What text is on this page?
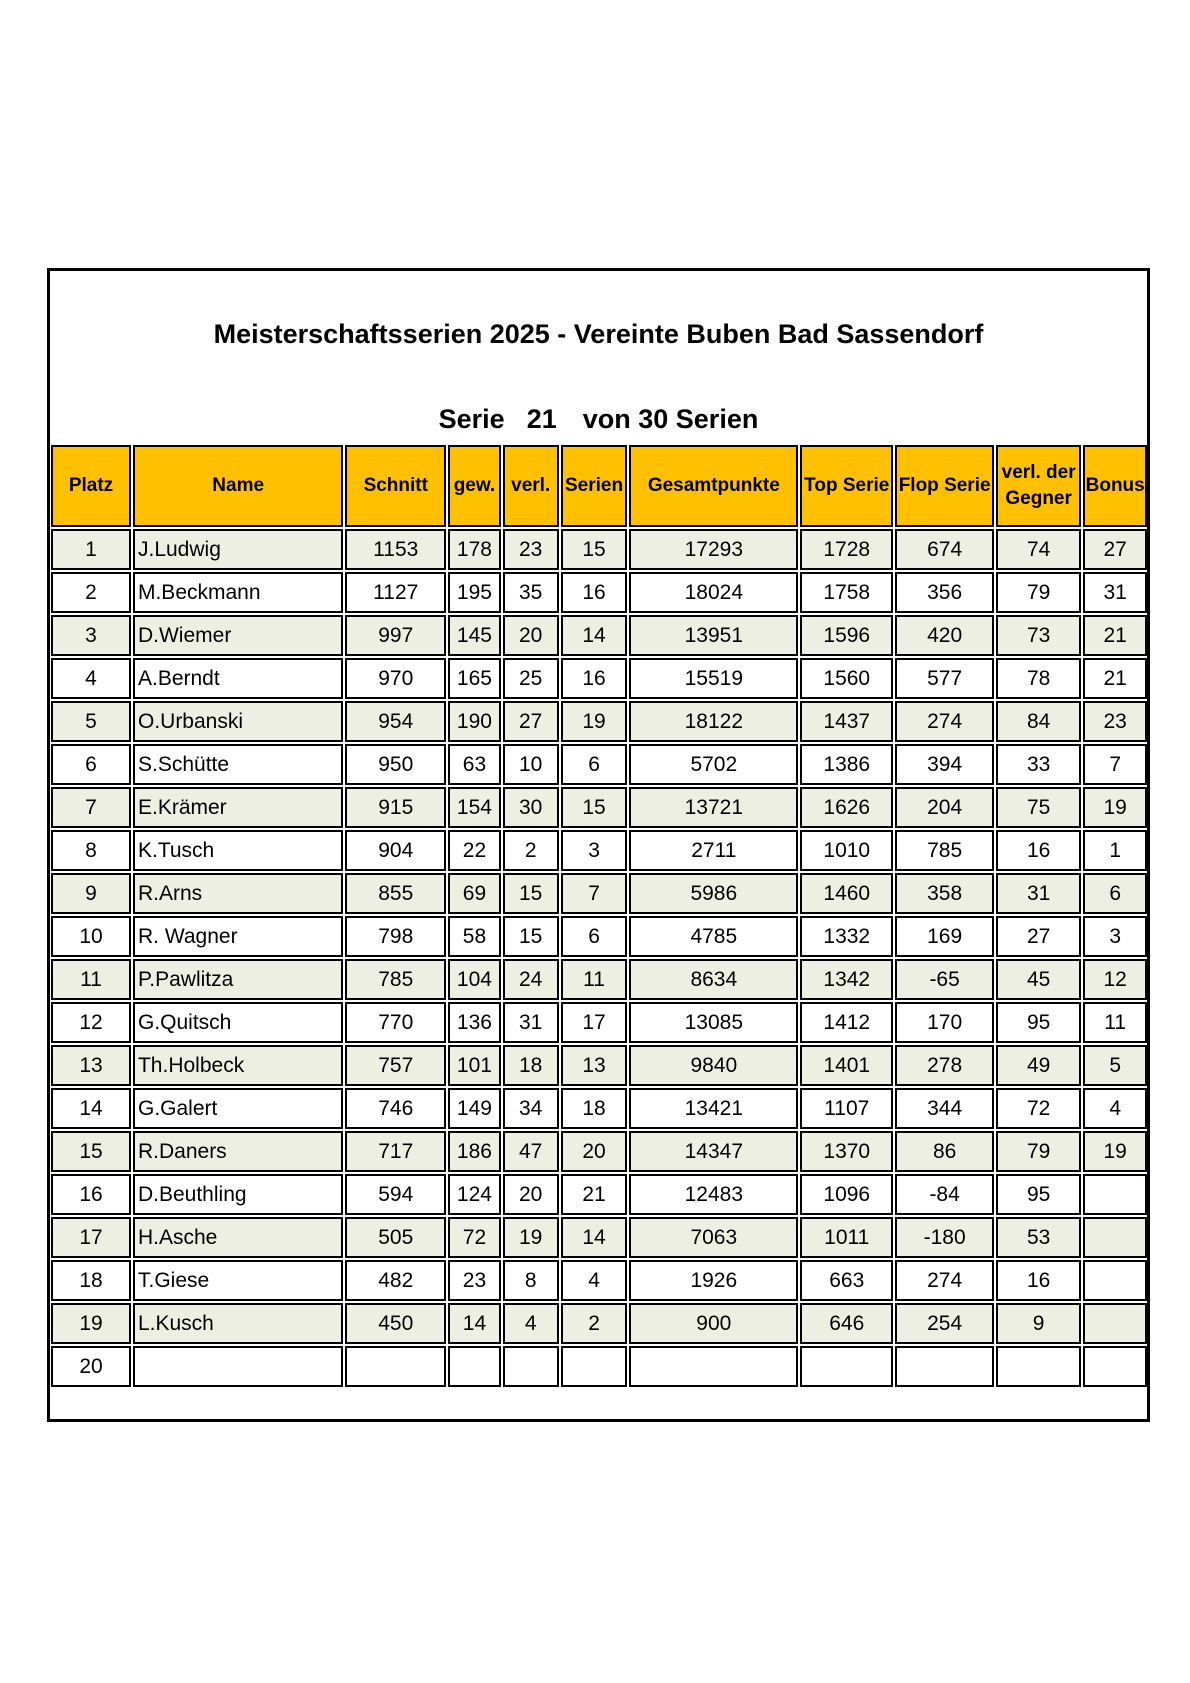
Meisterschaftsserien 2025 - Vereinte Buben Bad Sassendorf
Serie 21 von 30 Serien
Platz	Name	Schnitt	gew.	verl.	Serien	Gesamtpunkte	Top Serie	Flop Serie	verl. der Gegner	Bonus
1	J.Ludwig	1153	178	23	15	17293	1728	674	74	27
2	M.Beckmann	1127	195	35	16	18024	1758	356	79	31
3	D.Wiemer	997	145	20	14	13951	1596	420	73	21
4	A.Berndt	970	165	25	16	15519	1560	577	78	21
5	O.Urbanski	954	190	27	19	18122	1437	274	84	23
6	S.Schütte	950	63	10	6	5702	1386	394	33	7
7	E.Krämer	915	154	30	15	13721	1626	204	75	19
8	K.Tusch	904	22	2	3	2711	1010	785	16	1
9	R.Arns	855	69	15	7	5986	1460	358	31	6
10	R. Wagner	798	58	15	6	4785	1332	169	27	3
11	P.Pawlitza	785	104	24	11	8634	1342	-65	45	12
12	G.Quitsch	770	136	31	17	13085	1412	170	95	11
13	Th.Holbeck	757	101	18	13	9840	1401	278	49	5
14	G.Galert	746	149	34	18	13421	1107	344	72	4
15	R.Daners	717	186	47	20	14347	1370	86	79	19
16	D.Beuthling	594	124	20	21	12483	1096	-84	95	
17	H.Asche	505	72	19	14	7063	1011	-180	53	
18	T.Giese	482	23	8	4	1926	663	274	16	
19	L.Kusch	450	14	4	2	900	646	254	9	
20										
